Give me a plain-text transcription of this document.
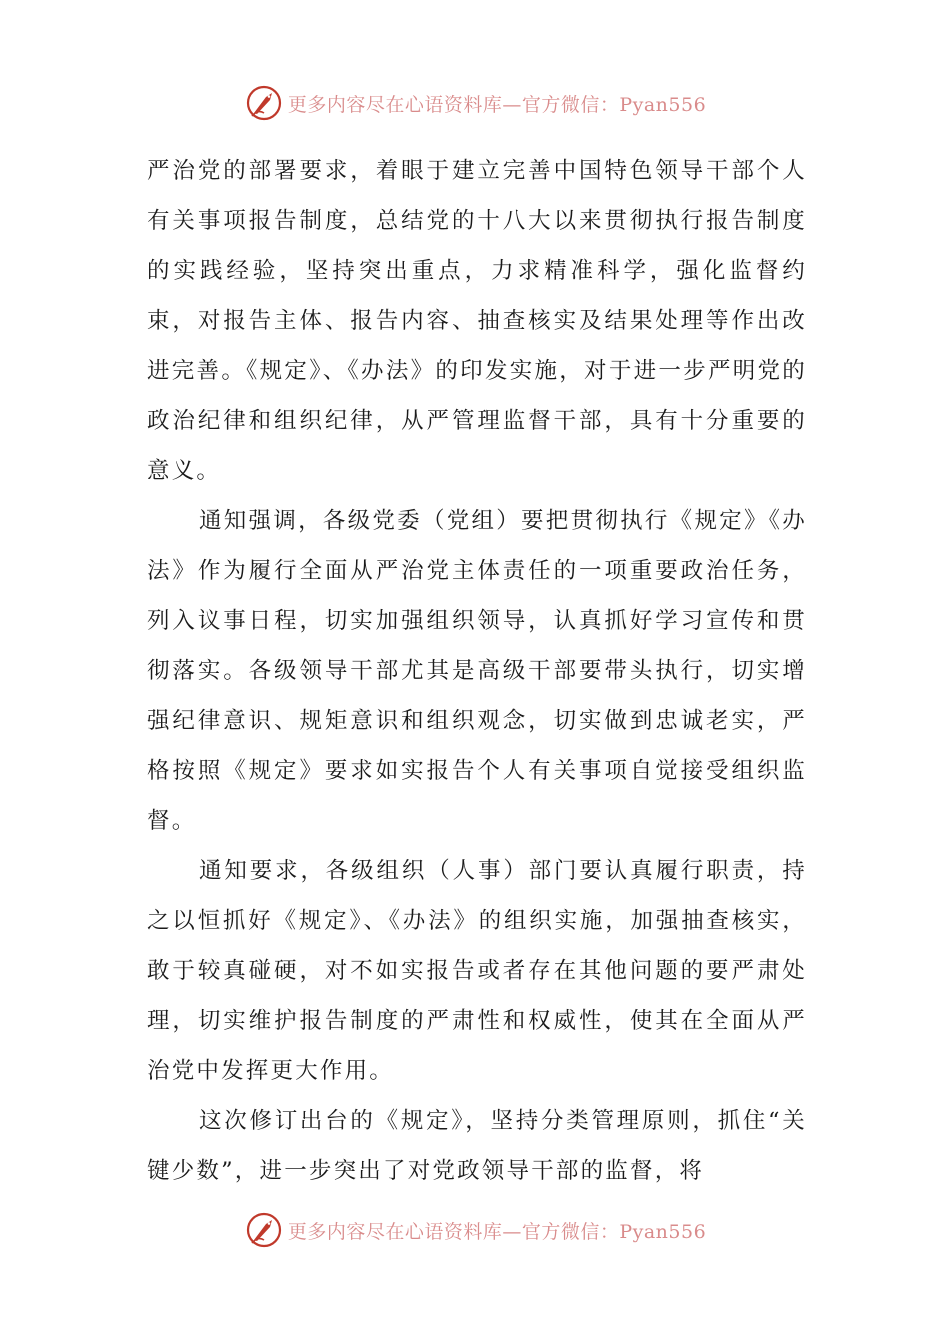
更多内容尽在心语资料库—官方微信：Pyan556

严治党的部署要求，着眼于建立完善中国特色领导干部个人有关事项报告制度，总结党的十八大以来贯彻执行报告制度的实践经验，坚持突出重点，力求精准科学，强化监督约束，对报告主体、报告内容、抽查核实及结果处理等作出改进完善。《规定》、《办法》的印发实施，对于进一步严明党的政治纪律和组织纪律，从严管理监督干部，具有十分重要的意义。

通知强调，各级党委（党组）要把贯彻执行《规定》《办法》作为履行全面从严治党主体责任的一项重要政治任务，列入议事日程，切实加强组织领导，认真抓好学习宣传和贯彻落实。各级领导干部尤其是高级干部要带头执行，切实增强纪律意识、规矩意识和组织观念，切实做到忠诚老实，严格按照《规定》要求如实报告个人有关事项自觉接受组织监督。

通知要求，各级组织（人事）部门要认真履行职责，持之以恒抓好《规定》、《办法》的组织实施，加强抽查核实，敢于较真碰硬，对不如实报告或者存在其他问题的要严肃处理，切实维护报告制度的严肃性和权威性，使其在全面从严治党中发挥更大作用。

这次修订出台的《规定》，坚持分类管理原则，抓住“关键少数”，进一步突出了对党政领导干部的监督，将

更多内容尽在心语资料库—官方微信：Pyan556
